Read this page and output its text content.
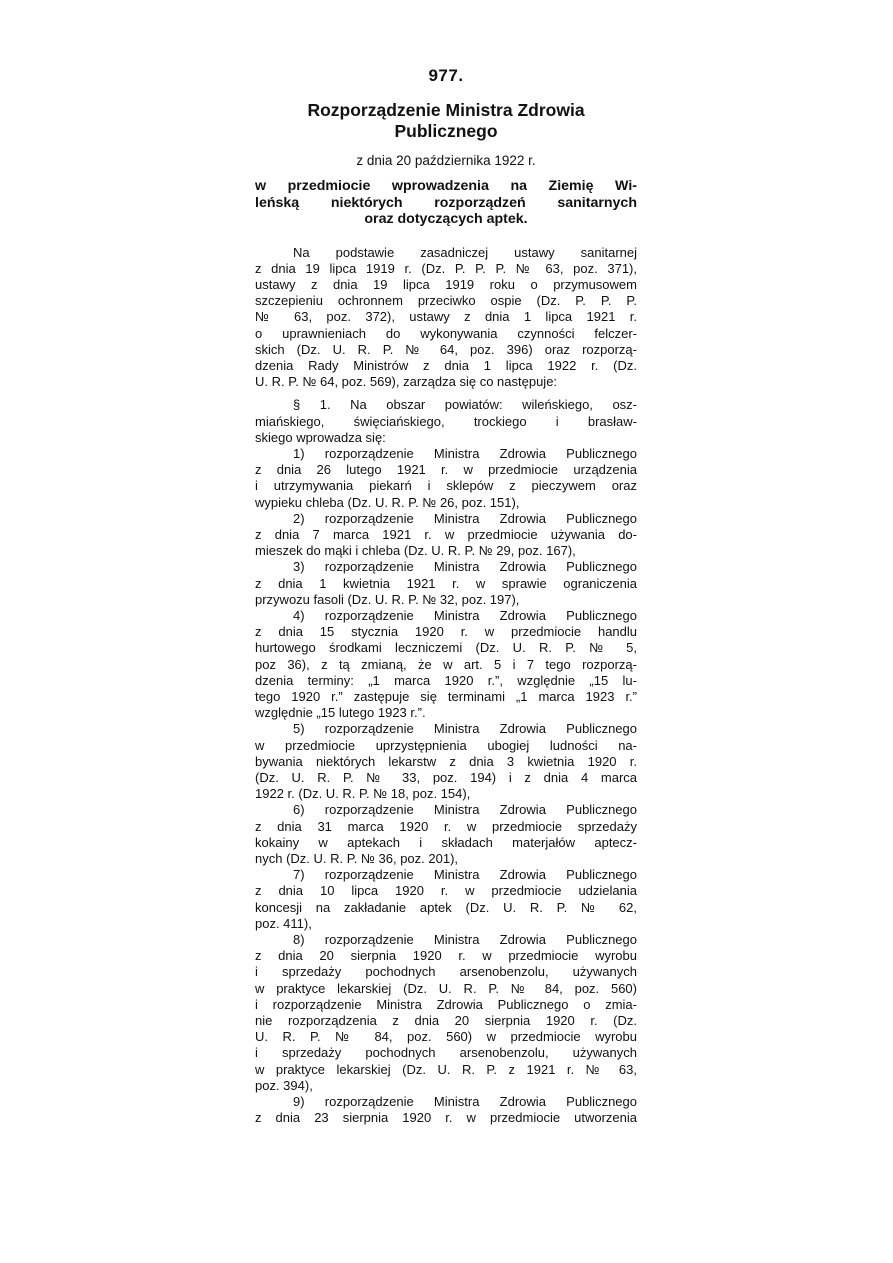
977.
Rozporządzenie Ministra Zdrowia
Publicznego
z dnia 20 października 1922 r.
w przedmiocie wprowadzenia na Ziemię Wi-
leńską niektórych rozporządzeń sanitarnych
oraz dotyczących aptek.
Na podstawie zasadniczej ustawy sanitarnej
z dnia 19 lipca 1919 r. (Dz. P. P. P. № 63, poz. 371),
ustawy z dnia 19 lipca 1919 roku o przymusowem
szczepieniu ochronnem przeciwko ospie (Dz. P. P. P.
№ 63, poz. 372), ustawy z dnia 1 lipca 1921 r.
o uprawnieniach do wykonywania czynności felczer-
skich (Dz. U. R. P. № 64, poz. 396) oraz rozporzą-
dzenia Rady Ministrów z dnia 1 lipca 1922 r. (Dz.
U. R. P. № 64, poz. 569), zarządza się co następuje:
§ 1. Na obszar powiatów: wileńskiego, osz-
miańskiego, święciańskiego, trockiego i brasław-
skiego wprowadza się:
1) rozporządzenie Ministra Zdrowia Publicznego
z dnia 26 lutego 1921 r. w przedmiocie urządzenia
i utrzymywania piekarń i sklepów z pieczywem oraz
wypieku chleba (Dz. U. R. P. № 26, poz. 151),
2) rozporządzenie Ministra Zdrowia Publicznego
z dnia 7 marca 1921 r. w przedmiocie używania do-
mieszek do mąki i chleba (Dz. U. R. P. № 29, poz. 167),
3) rozporządzenie Ministra Zdrowia Publicznego
z dnia 1 kwietnia 1921 r. w sprawie ograniczenia
przywozu fasoli (Dz. U. R. P. № 32, poz. 197),
4) rozporządzenie Ministra Zdrowia Publicznego
z dnia 15 stycznia 1920 r. w przedmiocie handlu
hurtowego środkami leczniczemi (Dz. U. R. P. № 5,
poz 36), z tą zmianą, że w art. 5 i 7 tego rozporzą-
dzenia terminy: „1 marca 1920 r.”, względnie „15 lu-
tego 1920 r.” zastępuje się terminami „1 marca 1923 r.”
względnie „15 lutego 1923 r.”.
5) rozporządzenie Ministra Zdrowia Publicznego
w przedmiocie uprzystępnienia ubogiej ludności na-
bywania niektórych lekarstw z dnia 3 kwietnia 1920 r.
(Dz. U. R. P. № 33, poz. 194) i z dnia 4 marca
1922 r. (Dz. U. R. P. № 18, poz. 154),
6) rozporządzenie Ministra Zdrowia Publicznego
z dnia 31 marca 1920 r. w przedmiocie sprzedaży
kokainy w aptekach i składach materjałów aptecz-
nych (Dz. U. R. P. № 36, poz. 201),
7) rozporządzenie Ministra Zdrowia Publicznego
z dnia 10 lipca 1920 r. w przedmiocie udzielania
koncesji na zakładanie aptek (Dz. U. R. P. № 62,
poz. 411),
8) rozporządzenie Ministra Zdrowia Publicznego
z dnia 20 sierpnia 1920 r. w przedmiocie wyrobu
i sprzedaży pochodnych arsenobenzolu, używanych
w praktyce lekarskiej (Dz. U. R. P. № 84, poz. 560)
i rozporządzenie Ministra Zdrowia Publicznego o zmia-
nie rozporządzenia z dnia 20 sierpnia 1920 r. (Dz.
U. R. P. № 84, poz. 560) w przedmiocie wyrobu
i sprzedaży pochodnych arsenobenzolu, używanych
w praktyce lekarskiej (Dz. U. R. P. z 1921 r. № 63,
poz. 394),
9) rozporządzenie Ministra Zdrowia Publicznego
z dnia 23 sierpnia 1920 r. w przedmiocie utworzenia
